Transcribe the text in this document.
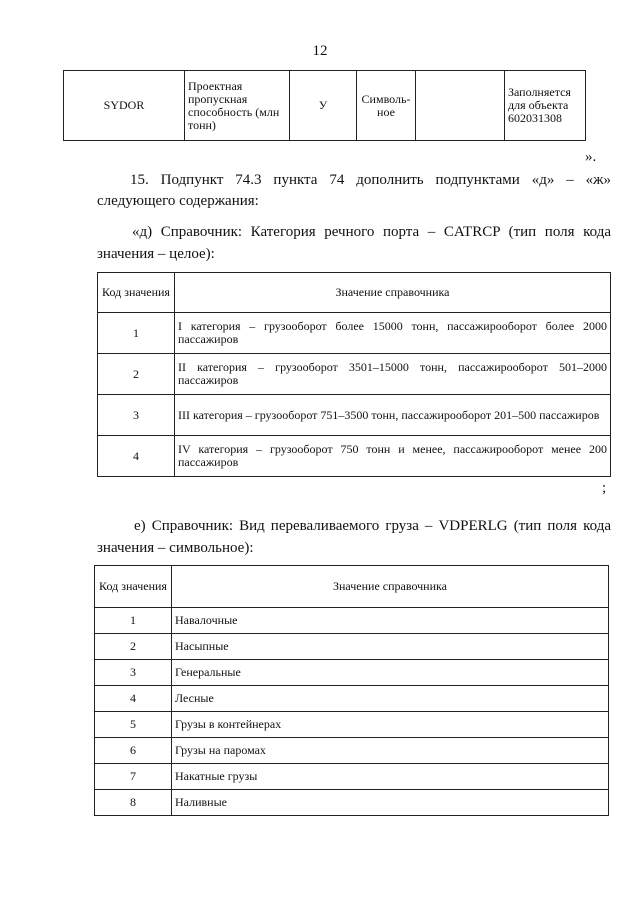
12
SYDOR	Проектная пропускная способность (млн тонн)	У	Символь-ное		Заполняется для объекта 602031308
».
15. Подпункт 74.3 пункта 74 дополнить подпунктами «д» – «ж»
следующего содержания:
«д) Справочник: Категория речного порта – CATRCP (тип поля кода
значения – целое):
Код значения	Значение справочника
1	I категория – грузооборот более 15000 тонн, пассажирооборот более 2000 пассажиров
2	II категория – грузооборот 3501–15000 тонн, пассажирооборот 501–2000 пассажиров
3	III категория – грузооборот 751–3500 тонн, пассажирооборот 201–500 пассажиров
4	IV категория – грузооборот 750 тонн и менее, пассажирооборот менее 200 пассажиров
;
е) Справочник: Вид переваливаемого груза – VDPERLG (тип поля кода
значения – символьное):
Код значения	Значение справочника
1	Навалочные
2	Насыпные
3	Генеральные
4	Лесные
5	Грузы в контейнерах
6	Грузы на паромах
7	Накатные грузы
8	Наливные
